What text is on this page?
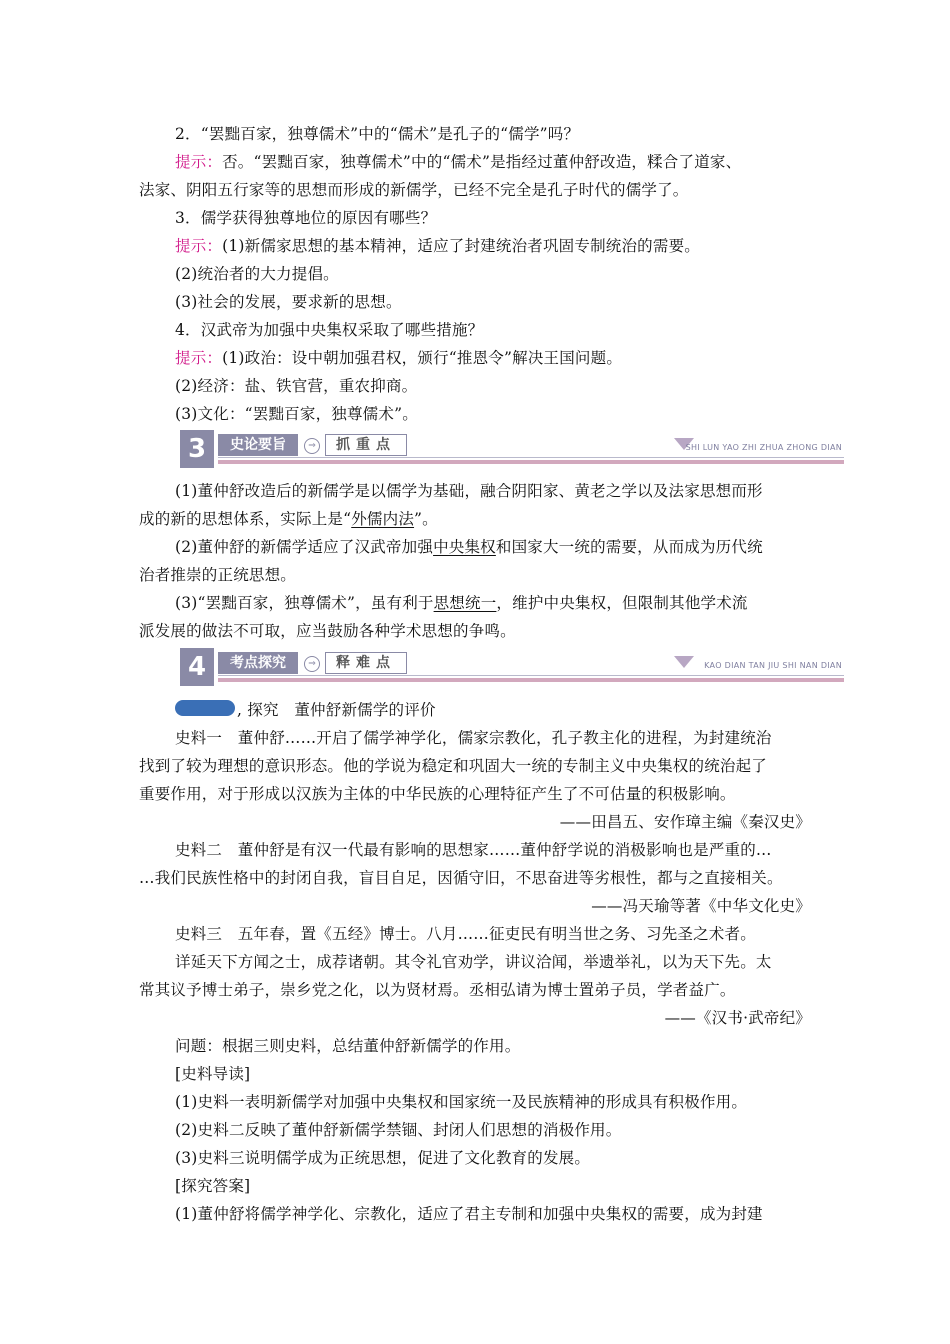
2．“罢黜百家，独尊儒术”中的“儒术”是孔子的“儒学”吗？
提示：否。“罢黜百家，独尊儒术”中的“儒术”是指经过董仲舒改造，糅合了道家、
法家、阴阳五行家等的思想而形成的新儒学，已经不完全是孔子时代的儒学了。
3．儒学获得独尊地位的原因有哪些？
提示：(1)新儒家思想的基本精神，适应了封建统治者巩固专制统治的需要。
(2)统治者的大力提倡。
(3)社会的发展，要求新的思想。
4．汉武帝为加强中央集权采取了哪些措施？
提示：(1)政治：设中朝加强君权，颁行“推恩令”解决王国问题。
(2)经济：盐、铁官营，重农抑商。
(3)文化：“罢黜百家，独尊儒术”。
3	史论要旨	⇒	抓重点	SHI LUN YAO ZHI ZHUA ZHONG DIAN
(1)董仲舒改造后的新儒学是以儒学为基础，融合阴阳家、黄老之学以及法家思想而形
成的新的思想体系，实际上是“外儒内法”。
(2)董仲舒的新儒学适应了汉武帝加强中央集权和国家大一统的需要，从而成为历代统
治者推崇的正统思想。
(3)“罢黜百家，独尊儒术”，虽有利于思想统一，维护中央集权，但限制其他学术流
派发展的做法不可取，应当鼓励各种学术思想的争鸣。
4	考点探究	⇒	释难点	KAO DIAN TAN JIU SHI NAN DIAN
, 探究　董仲舒新儒学的评价
史料一　董仲舒……开启了儒学神学化，儒家宗教化，孔子教主化的进程，为封建统治
找到了较为理想的意识形态。他的学说为稳定和巩固大一统的专制主义中央集权的统治起了
重要作用，对于形成以汉族为主体的中华民族的心理特征产生了不可估量的积极影响。
——田昌五、安作璋主编《秦汉史》
史料二　董仲舒是有汉一代最有影响的思想家……董仲舒学说的消极影响也是严重的…
…我们民族性格中的封闭自我，盲目自足，因循守旧，不思奋进等劣根性，都与之直接相关。
——冯天瑜等著《中华文化史》
史料三　五年春，置《五经》博士。八月……征吏民有明当世之务、习先圣之术者。
详延天下方闻之士，成荐诸朝。其令礼官劝学，讲议洽闻，举遗举礼，以为天下先。太
常其议予博士弟子，崇乡党之化，以为贤材焉。丞相弘请为博士置弟子员，学者益广。
——《汉书·武帝纪》
问题：根据三则史料，总结董仲舒新儒学的作用。
[史料导读]
(1)史料一表明新儒学对加强中央集权和国家统一及民族精神的形成具有积极作用。
(2)史料二反映了董仲舒新儒学禁锢、封闭人们思想的消极作用。
(3)史料三说明儒学成为正统思想，促进了文化教育的发展。
[探究答案]
(1)董仲舒将儒学神学化、宗教化，适应了君主专制和加强中央集权的需要，成为封建
